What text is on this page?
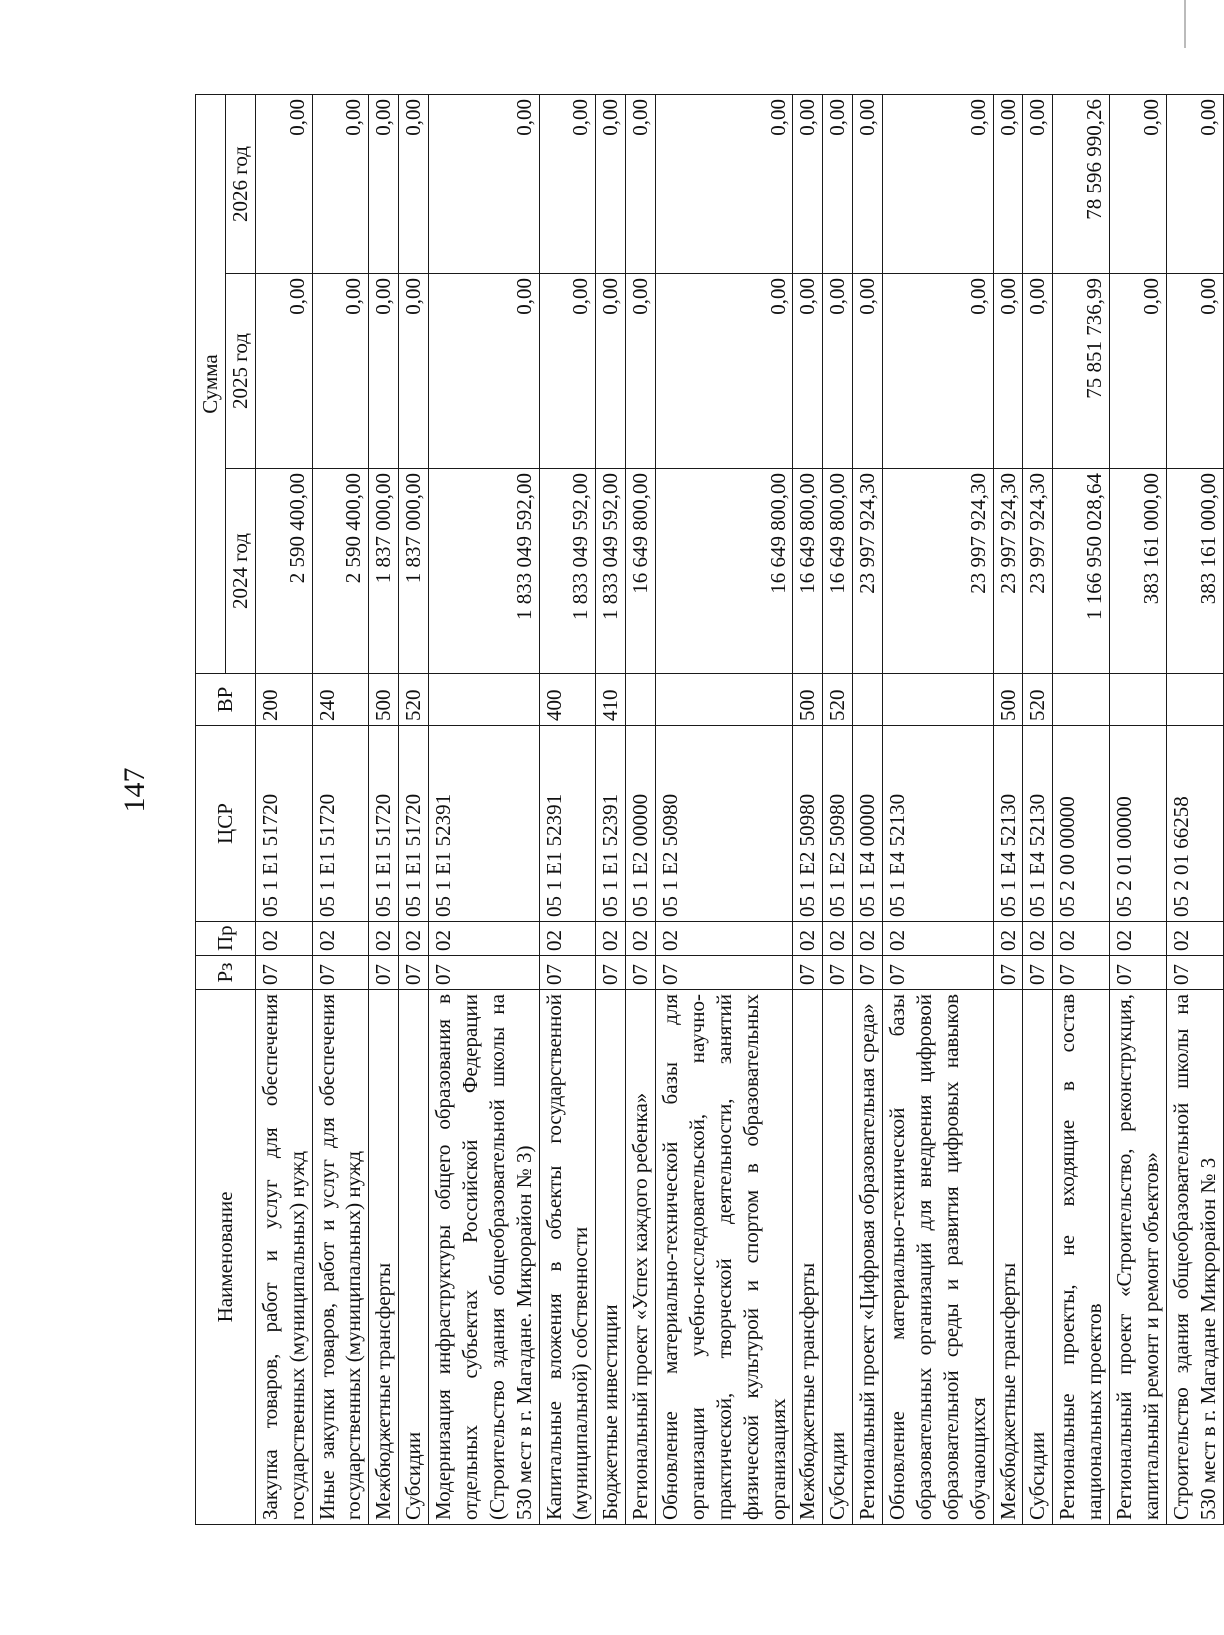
147
Наименование	Рз	Пр	ЦСР	ВР	Сумма		
					2024 год	2025 год	2026 год
Закупка товаров, работ и услуг для обеспечения государственных (муниципальных) нужд	07	02	05 1 E1 51720	200	2 590 400,00	0,00	0,00
Иные закупки товаров, работ и услуг для обеспечения государственных (муниципальных) нужд	07	02	05 1 E1 51720	240	2 590 400,00	0,00	0,00
Межбюджетные трансферты	07	02	05 1 E1 51720	500	1 837 000,00	0,00	0,00
Субсидии	07	02	05 1 E1 51720	520	1 837 000,00	0,00	0,00
Модернизация инфраструктуры общего образования в отдельных субъектах Российской Федерации (Строительство здания общеобразовательной школы на 530 мест в г. Магадане. Микрорайон № 3)	07	02	05 1 E1 52391		1 833 049 592,00	0,00	0,00
Капитальные вложения в объекты государственной (муниципальной) собственности	07	02	05 1 E1 52391	400	1 833 049 592,00	0,00	0,00
Бюджетные инвестиции	07	02	05 1 E1 52391	410	1 833 049 592,00	0,00	0,00
Региональный проект «Успех каждого ребенка»	07	02	05 1 E2 00000		16 649 800,00	0,00	0,00
Обновление материально-технической базы для организации учебно-исследовательской, научно-практической, творческой деятельности, занятий физической культурой и спортом в образовательных организациях	07	02	05 1 E2 50980		16 649 800,00	0,00	0,00
Межбюджетные трансферты	07	02	05 1 E2 50980	500	16 649 800,00	0,00	0,00
Субсидии	07	02	05 1 E2 50980	520	16 649 800,00	0,00	0,00
Региональный проект «Цифровая образовательная среда»	07	02	05 1 E4 00000		23 997 924,30	0,00	0,00
Обновление материально-технической базы образовательных организаций для внедрения цифровой образовательной среды и развития цифровых навыков обучающихся	07	02	05 1 E4 52130		23 997 924,30	0,00	0,00
Межбюджетные трансферты	07	02	05 1 E4 52130	500	23 997 924,30	0,00	0,00
Субсидии	07	02	05 1 E4 52130	520	23 997 924,30	0,00	0,00
Региональные проекты, не входящие в состав национальных проектов	07	02	05 2 00 00000		1 166 950 028,64	75 851 736,99	78 596 990,26
Региональный проект «Строительство, реконструкция, капитальный ремонт и ремонт объектов»	07	02	05 2 01 00000		383 161 000,00	0,00	0,00
Строительство здания общеобразовательной школы на 530 мест в г. Магадане Микрорайон № 3	07	02	05 2 01 66258		383 161 000,00	0,00	0,00
